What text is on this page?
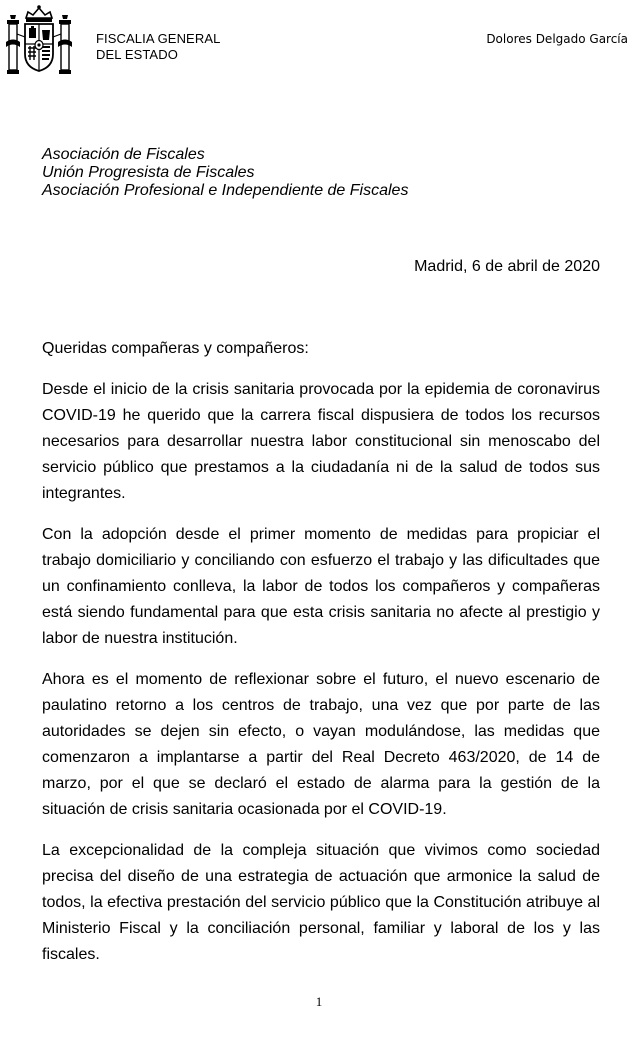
FISCALIA GENERAL
DEL ESTADO
Dolores Delgado García
Asociación de Fiscales
Unión Progresista de Fiscales
Asociación Profesional e Independiente de Fiscales
Madrid, 6 de abril de 2020

Queridas compañeras y compañeros:

Desde el inicio de la crisis sanitaria provocada por la epidemia de coronavirus COVID-19 he querido que la carrera fiscal dispusiera de todos los recursos necesarios para desarrollar nuestra labor constitucional sin menoscabo del servicio público que prestamos a la ciudadanía ni de la salud de todos sus integrantes.

Con la adopción desde el primer momento de medidas para propiciar el trabajo domiciliario y conciliando con esfuerzo el trabajo y las dificultades que un confinamiento conlleva, la labor de todos los compañeros y compañeras está siendo fundamental para que esta crisis sanitaria no afecte al prestigio y labor de nuestra institución.

Ahora es el momento de reflexionar sobre el futuro, el nuevo escenario de paulatino retorno a los centros de trabajo, una vez que por parte de las autoridades se dejen sin efecto, o vayan modulándose, las medidas que comenzaron a implantarse a partir del Real Decreto 463/2020, de 14 de marzo, por el que se declaró el estado de alarma para la gestión de la situación de crisis sanitaria ocasionada por el COVID-19.

La excepcionalidad de la compleja situación que vivimos como sociedad precisa del diseño de una estrategia de actuación que armonice la salud de todos, la efectiva prestación del servicio público que la Constitución atribuye al Ministerio Fiscal y la conciliación personal, familiar y laboral de los y las fiscales.

1
